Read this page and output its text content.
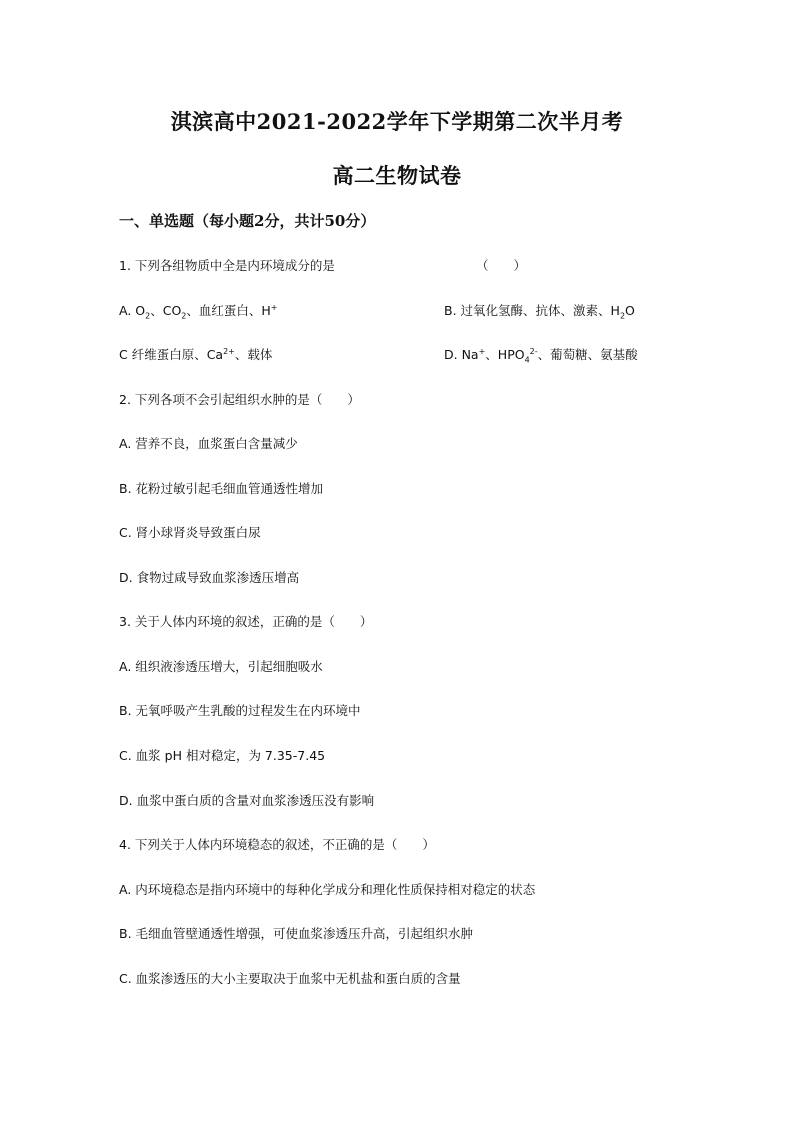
淇滨高中2021-2022学年下学期第二次半月考
高二生物试卷
一、单选题（每小题2分，共计50分）
1. 下列各组物质中全是内环境成分的是	（　　）
A. $O_2$、$CO_2$、血红蛋白、H+	B. 过氧化氢酶、抗体、激素、$H_2O$
C 纤维蛋白原、$Ca^{2+}$、载体	D. Na+、$HPO_4^{2-}$、葡萄糖、氨基酸
2. 下列各项不会引起组织水肿的是（　　）
A. 营养不良，血浆蛋白含量减少
B. 花粉过敏引起毛细血管通透性增加
C. 肾小球肾炎导致蛋白尿
D. 食物过咸导致血浆渗透压增高
3. 关于人体内环境的叙述，正确的是（　　）
A. 组织液渗透压增大，引起细胞吸水
B. 无氧呼吸产生乳酸的过程发生在内环境中
C. 血浆 pH 相对稳定，为 7.35-7.45
D. 血浆中蛋白质的含量对血浆渗透压没有影响
4. 下列关于人体内环境稳态的叙述，不正确的是（　　）
A. 内环境稳态是指内环境中的每种化学成分和理化性质保持相对稳定的状态
B. 毛细血管壁通透性增强，可使血浆渗透压升高，引起组织水肿
C. 血浆渗透压的大小主要取决于血浆中无机盐和蛋白质的含量
